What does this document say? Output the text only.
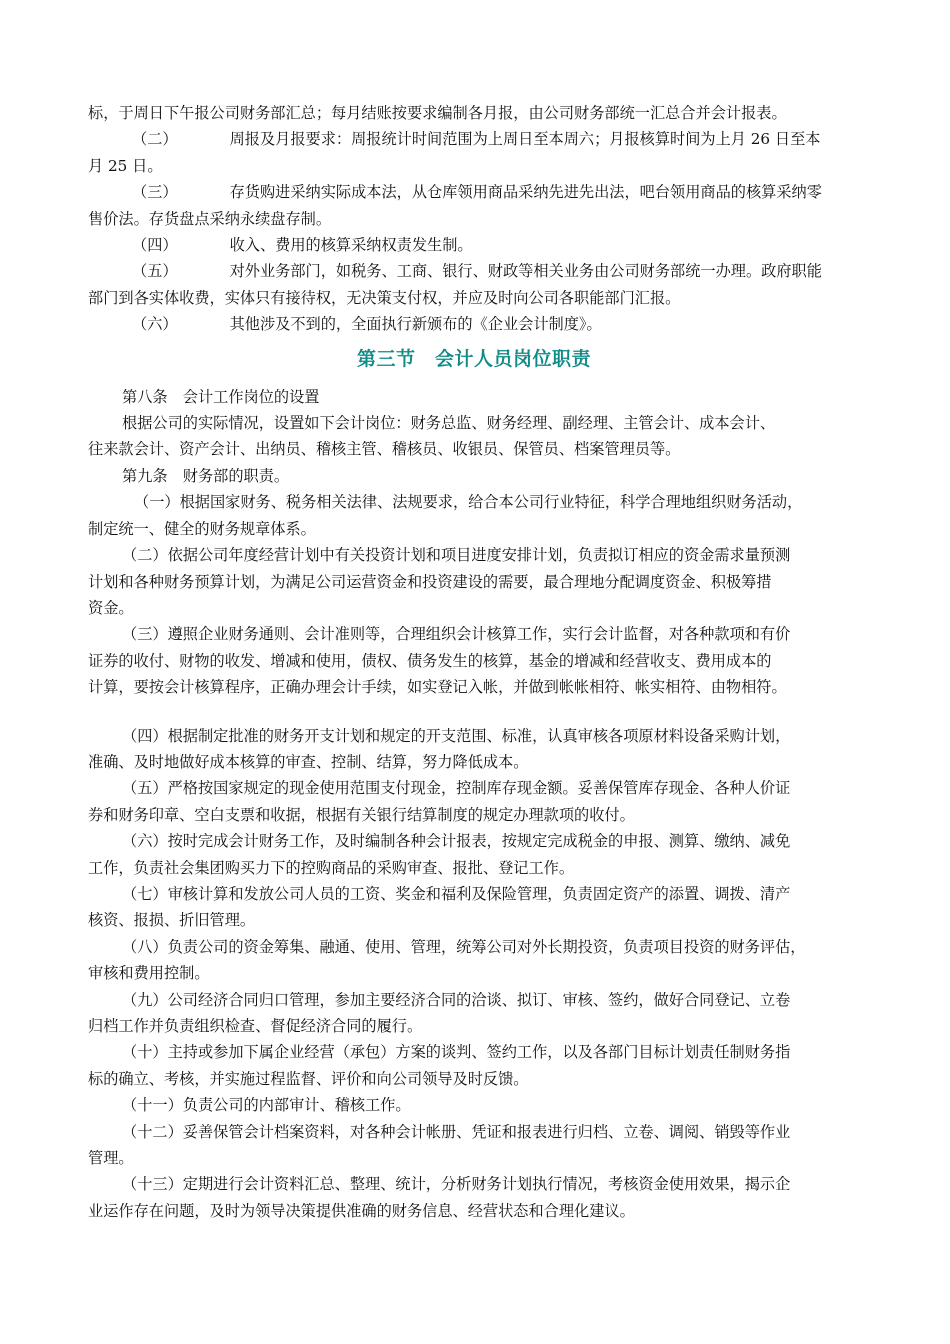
标，于周日下午报公司财务部汇总；每月结账按要求编制各月报，由公司财务部统一汇总合并会计报表。
（二）	周报及月报要求：周报统计时间范围为上周日至本周六；月报核算时间为上月 26 日至本
月 25 日。
（三）	存货购进采纳实际成本法，从仓库领用商品采纳先进先出法，吧台领用商品的核算采纳零
售价法。存货盘点采纳永续盘存制。
（四）	收入、费用的核算采纳权责发生制。
（五）	对外业务部门，如税务、工商、银行、财政等相关业务由公司财务部统一办理。政府职能
部门到各实体收费，实体只有接待权，无决策支付权，并应及时向公司各职能部门汇报。
（六）	其他涉及不到的，全面执行新颁布的《企业会计制度》。
第三节　会计人员岗位职责
第八条　会计工作岗位的设置
根据公司的实际情况，设置如下会计岗位：财务总监、财务经理、副经理、主管会计、成本会计、
往来款会计、资产会计、出纳员、稽核主管、稽核员、收银员、保管员、档案管理员等。
第九条　财务部的职责。
（一）根据国家财务、税务相关法律、法规要求，给合本公司行业特征，科学合理地组织财务活动，
制定统一、健全的财务规章体系。
（二）依据公司年度经营计划中有关投资计划和项目进度安排计划，负责拟订相应的资金需求量预测
计划和各种财务预算计划，为满足公司运营资金和投资建设的需要，最合理地分配调度资金、积极筹措
资金。
（三）遵照企业财务通则、会计准则等，合理组织会计核算工作，实行会计监督，对各种款项和有价
证券的收付、财物的收发、增减和使用，债权、债务发生的核算，基金的增减和经营收支、费用成本的
计算，要按会计核算程序，正确办理会计手续，如实登记入帐，并做到帐帐相符、帐实相符、由物相符。
（四）根据制定批准的财务开支计划和规定的开支范围、标准，认真审核各项原材料设备采购计划，
准确、及时地做好成本核算的审查、控制、结算，努力降低成本。
（五）严格按国家规定的现金使用范围支付现金，控制库存现金额。妥善保管库存现金、各种人价证
券和财务印章、空白支票和收据，根据有关银行结算制度的规定办理款项的收付。
（六）按时完成会计财务工作，及时编制各种会计报表，按规定完成税金的申报、测算、缴纳、减免
工作，负责社会集团购买力下的控购商品的采购审查、报批、登记工作。
（七）审核计算和发放公司人员的工资、奖金和福利及保险管理，负责固定资产的添置、调拨、清产
核资、报损、折旧管理。
（八）负责公司的资金筹集、融通、使用、管理，统筹公司对外长期投资，负责项目投资的财务评估，
审核和费用控制。
（九）公司经济合同归口管理，参加主要经济合同的洽谈、拟订、审核、签约，做好合同登记、立卷
归档工作并负责组织检查、督促经济合同的履行。
（十）主持或参加下属企业经营（承包）方案的谈判、签约工作，以及各部门目标计划责任制财务指
标的确立、考核，并实施过程监督、评价和向公司领导及时反馈。
（十一）负责公司的内部审计、稽核工作。
（十二）妥善保管会计档案资料，对各种会计帐册、凭证和报表进行归档、立卷、调阅、销毁等作业
管理。
（十三）定期进行会计资料汇总、整理、统计，分析财务计划执行情况，考核资金使用效果，揭示企
业运作存在问题，及时为领导决策提供准确的财务信息、经营状态和合理化建议。
